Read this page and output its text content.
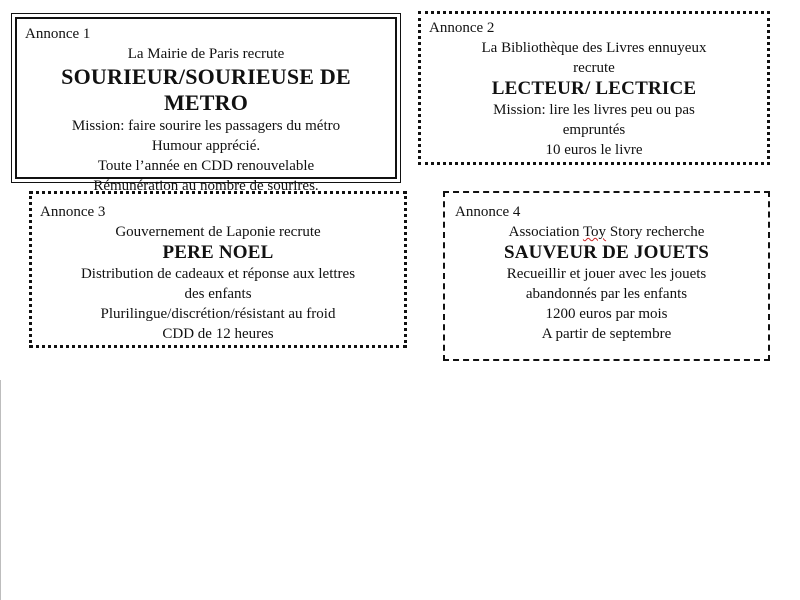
Annonce 1
La Mairie de Paris recrute
SOURIEUR/SOURIEUSE DE METRO
Mission: faire sourire les passagers du métro
Humour apprécié.
Toute l’année en CDD renouvelable
Rémunération au nombre de sourires.
Annonce 2
La Bibliothèque des Livres ennuyeux
recrute
LECTEUR/ LECTRICE
Mission: lire les livres peu ou pas
empruntés
10 euros le livre
Annonce 3
Gouvernement de Laponie recrute
PERE NOEL
Distribution de cadeaux et réponse aux lettres
des enfants
Plurilingue/discrétion/résistant au froid
CDD de 12 heures
Annonce 4
Association Toy Story recherche
SAUVEUR DE JOUETS
Recueillir et jouer avec les jouets
abandonnés par les enfants
1200 euros par mois
A partir de septembre
